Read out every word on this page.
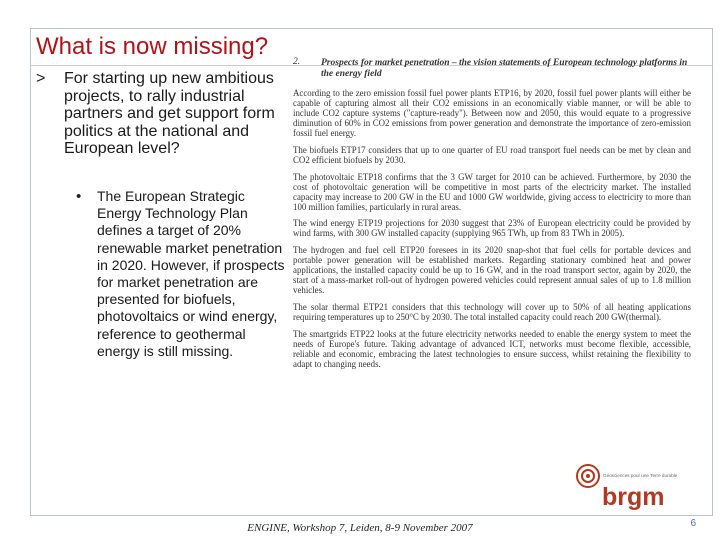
What is now missing?
> For starting up new ambitious projects, to rally industrial partners and get support form politics at the national and European level?
• The European Strategic Energy Technology Plan defines a target of 20% renewable market penetration in 2020. However, if prospects for market penetration are presented for biofuels, photovoltaics or wind energy, reference to geothermal energy is still missing.
2.	Prospects for market penetration – the vision statements of European technology platforms in the energy field

According to the zero emission fossil fuel power plants ETP16, by 2020, fossil fuel power plants will either be capable of capturing almost all their CO2 emissions in an economically viable manner, or will be able to include CO2 capture systems ("capture-ready"). Between now and 2050, this would equate to a progressive diminution of 60% in CO2 emissions from power generation and demonstrate the importance of zero-emission fossil fuel energy.

The biofuels ETP17 considers that up to one quarter of EU road transport fuel needs can be met by clean and CO2 efficient biofuels by 2030.

The photovoltaic ETP18 confirms that the 3 GW target for 2010 can be achieved. Furthermore, by 2030 the cost of photovoltaic generation will be competitive in most parts of the electricity market. The installed capacity may increase to 200 GW in the EU and 1000 GW worldwide, giving access to electricity to more than 100 million families, particularly in rural areas.

The wind energy ETP19 projections for 2030 suggest that 23% of European electricity could be provided by wind farms, with 300 GW installed capacity (supplying 965 TWh, up from 83 TWh in 2005).

The hydrogen and fuel cell ETP20 foresees in its 2020 snap-shot that fuel cells for portable devices and portable power generation will be established markets. Regarding stationary combined heat and power applications, the installed capacity could be up to 16 GW, and in the road transport sector, again by 2020, the start of a mass-market roll-out of hydrogen powered vehicles could represent annual sales of up to 1.8 million vehicles.

The solar thermal ETP21 considers that this technology will cover up to 50% of all heating applications requiring temperatures up to 250°C by 2030. The total installed capacity could reach 200 GW(thermal).

The smartgrids ETP22 looks at the future electricity networks needed to enable the energy system to meet the needs of Europe's future. Taking advantage of advanced ICT, networks must become flexible, accessible, reliable and economic, embracing the latest technologies to ensure success, whilst retaining the flexibility to adapt to changing needs.

Géosciences pour une Terre durable
brgm
ENGINE, Workshop 7, Leiden, 8-9 November 2007	6
